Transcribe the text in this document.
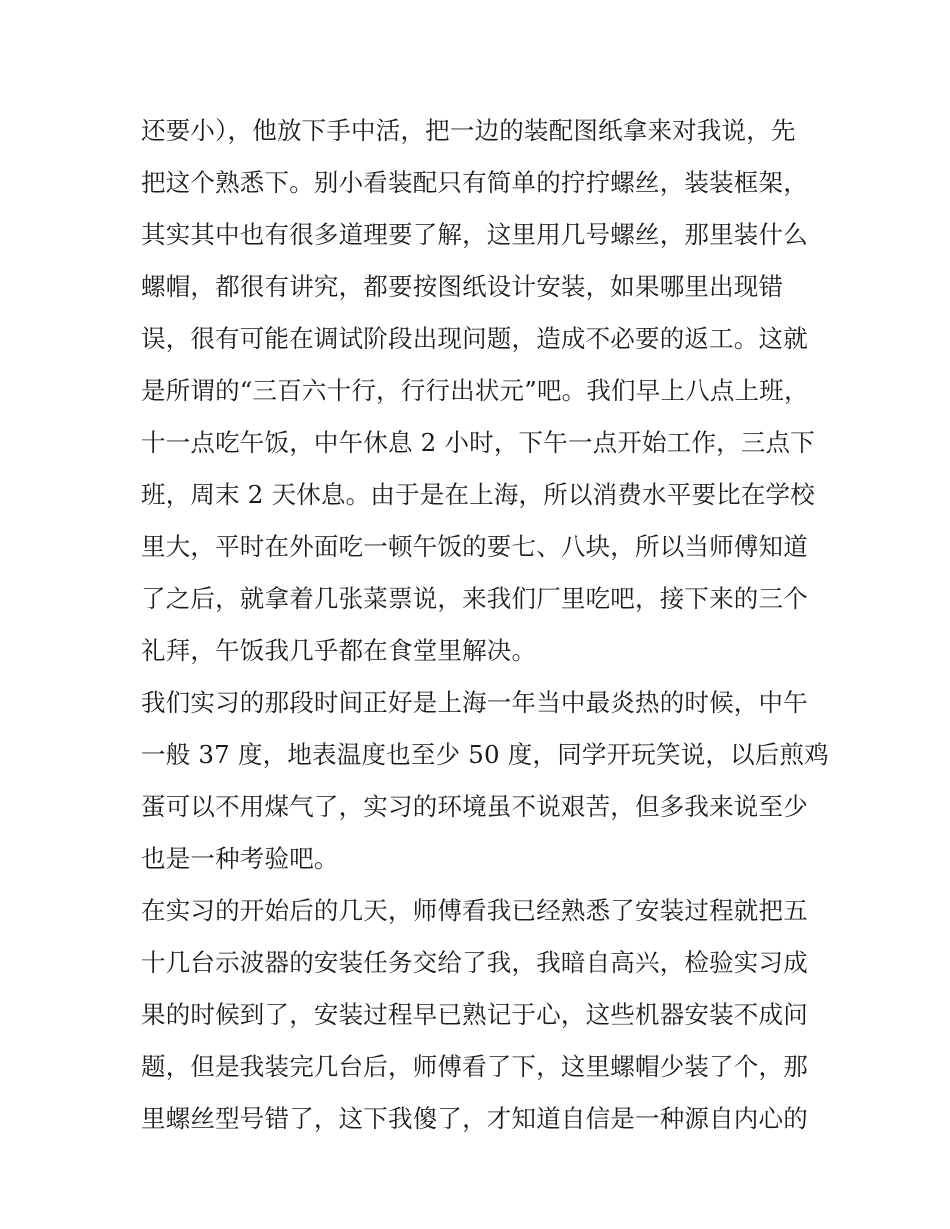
还要小），他放下手中活，把一边的装配图纸拿来对我说，先
把这个熟悉下。别小看装配只有简单的拧拧螺丝，装装框架，
其实其中也有很多道理要了解，这里用几号螺丝，那里装什么
螺帽，都很有讲究，都要按图纸设计安装，如果哪里出现错
误，很有可能在调试阶段出现问题，造成不必要的返工。这就
是所谓的“三百六十行，行行出状元”吧。我们早上八点上班，
十一点吃午饭，中午休息 2 小时，下午一点开始工作，三点下
班，周末 2 天休息。由于是在上海，所以消费水平要比在学校
里大，平时在外面吃一顿午饭的要七、八块，所以当师傅知道
了之后，就拿着几张菜票说，来我们厂里吃吧，接下来的三个
礼拜，午饭我几乎都在食堂里解决。
我们实习的那段时间正好是上海一年当中最炎热的时候，中午
一般 37 度，地表温度也至少 50 度，同学开玩笑说，以后煎鸡
蛋可以不用煤气了，实习的环境虽不说艰苦，但多我来说至少
也是一种考验吧。
在实习的开始后的几天，师傅看我已经熟悉了安装过程就把五
十几台示波器的安装任务交给了我，我暗自高兴，检验实习成
果的时候到了，安装过程早已熟记于心，这些机器安装不成问
题，但是我装完几台后，师傅看了下，这里螺帽少装了个，那
里螺丝型号错了，这下我傻了，才知道自信是一种源自内心的
